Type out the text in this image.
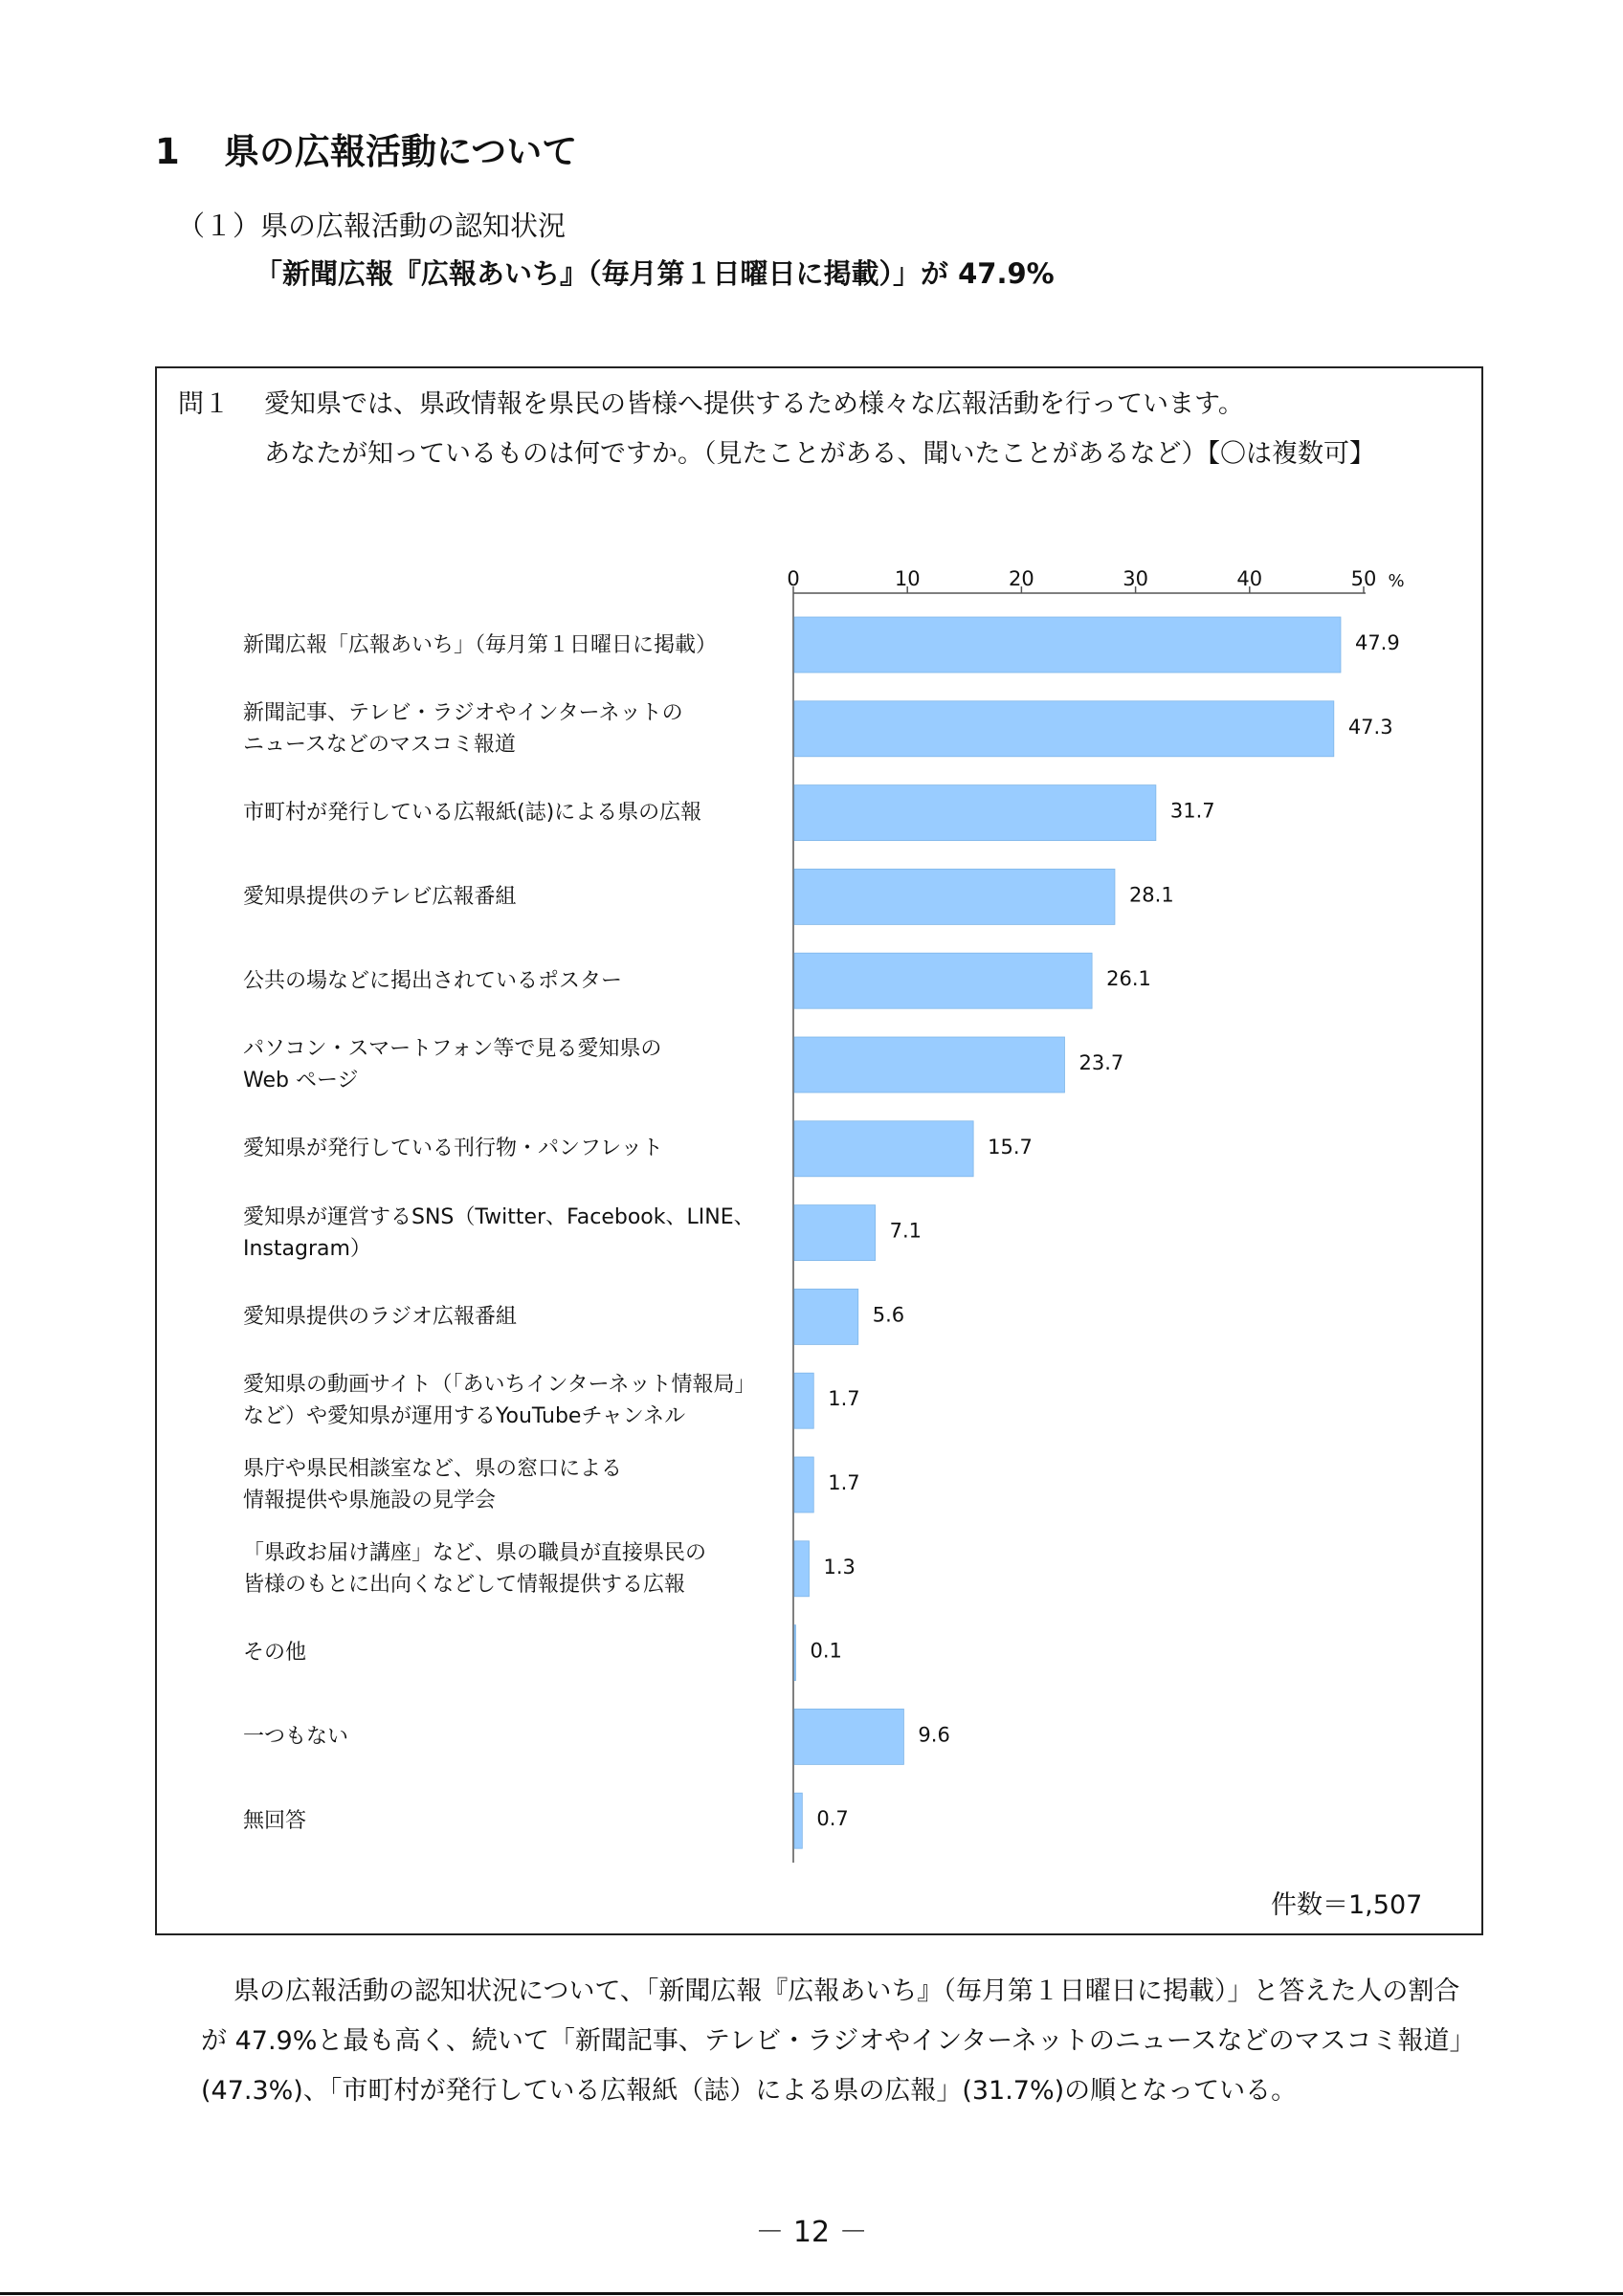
1 県の広報活動について
（１）県の広報活動の認知状況
「新聞広報『広報あいち』（毎月第１日曜日に掲載）」が 47.9%
問１ 愛知県では、県政情報を県民の皆様へ提供するため様々な広報活動を行っています。
あなたが知っているものは何ですか。（見たことがある、聞いたことがあるなど）【〇は複数可】
新聞広報「広報あいち」（毎月第１日曜日に掲載）
新聞記事、テレビ・ラジオやインターネットの
ニュースなどのマスコミ報道
市町村が発行している広報紙(誌)による県の広報
愛知県提供のテレビ広報番組
公共の場などに掲出されているポスター
パソコン・スマートフォン等で見る愛知県の
Web ページ
愛知県が発行している刊行物・パンフレット
愛知県が運営するSNS（Twitter、Facebook、LINE、
Instagram）
愛知県提供のラジオ広報番組
愛知県の動画サイト（「あいちインターネット情報局」
など）や愛知県が運用するYouTubeチャンネル
県庁や県民相談室など、県の窓口による
情報提供や県施設の見学会
「県政お届け講座」など、県の職員が直接県民の
皆様のもとに出向くなどして情報提供する広報
その他
一つもない
無回答
0	10	20	30	40	50 %
47.9
47.3
31.7
28.1
26.1
23.7
15.7
7.1
5.6
1.7
1.7
1.3
0.1
9.6
0.7
件数＝1,507

県の広報活動の認知状況について、「新聞広報『広報あいち』（毎月第１日曜日に掲載）」と答えた人の割合が 47.9%と最も高く、続いて「新聞記事、テレビ・ラジオやインターネットのニュースなどのマスコミ報道」(47.3%)、「市町村が発行している広報紙（誌）による県の広報」(31.7%)の順となっている。

－ 12 －
